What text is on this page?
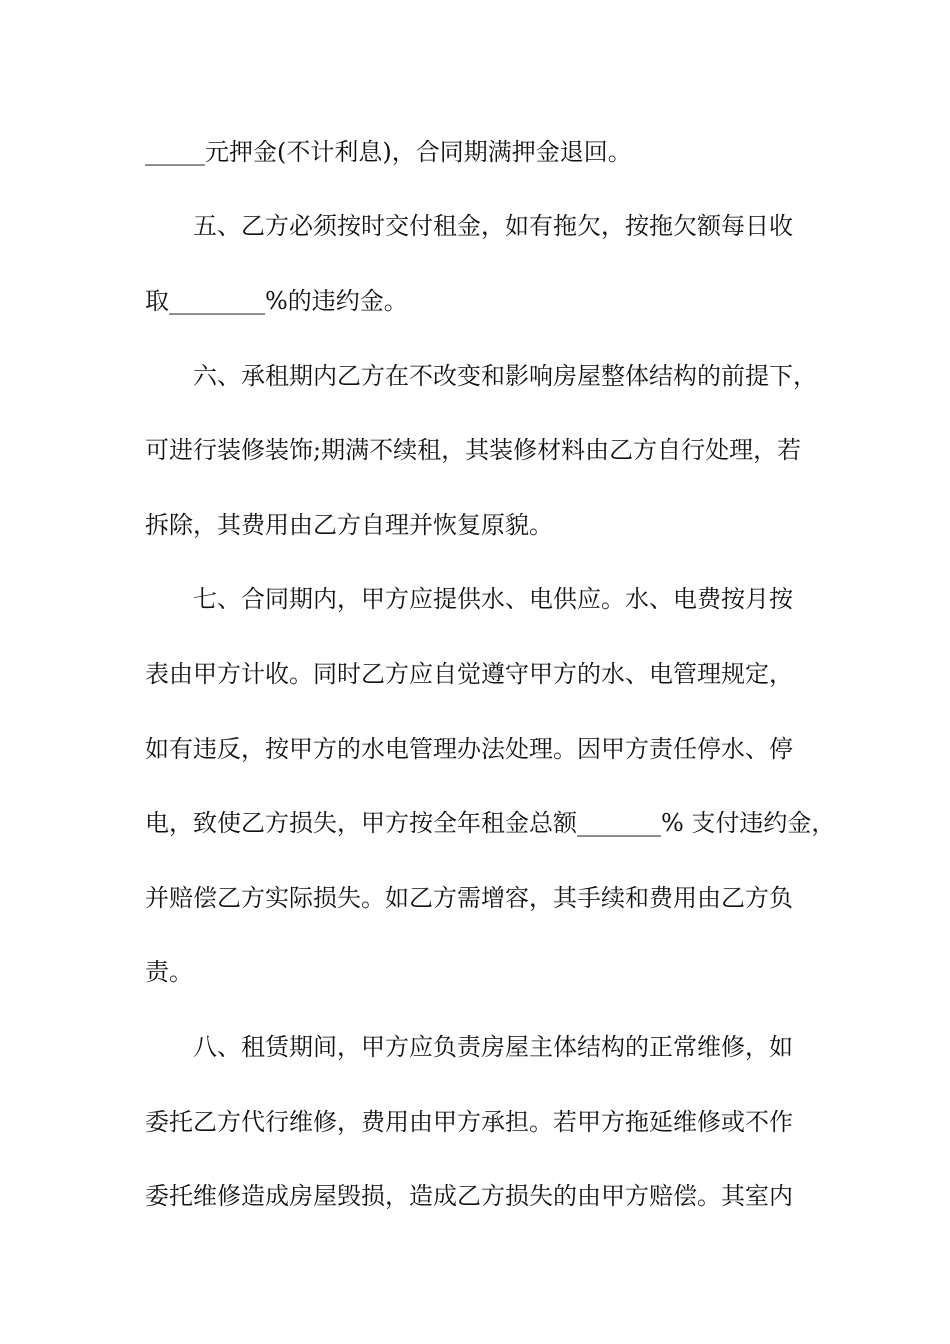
_____元押金(不计利息)，合同期满押金退回。
五、乙方必须按时交付租金，如有拖欠，按拖欠额每日收
取________%的违约金。
六、承租期内乙方在不改变和影响房屋整体结构的前提下，
可进行装修装饰;期满不续租，其装修材料由乙方自行处理，若
拆除，其费用由乙方自理并恢复原貌。
七、合同期内，甲方应提供水、电供应。水、电费按月按
表由甲方计收。同时乙方应自觉遵守甲方的水、电管理规定，
如有违反，按甲方的水电管理办法处理。因甲方责任停水、停
电，致使乙方损失，甲方按全年租金总额_______% 支付违约金，
并赔偿乙方实际损失。如乙方需增容，其手续和费用由乙方负
责。
八、租赁期间，甲方应负责房屋主体结构的正常维修，如
委托乙方代行维修，费用由甲方承担。若甲方拖延维修或不作
委托维修造成房屋毁损，造成乙方损失的由甲方赔偿。其室内
